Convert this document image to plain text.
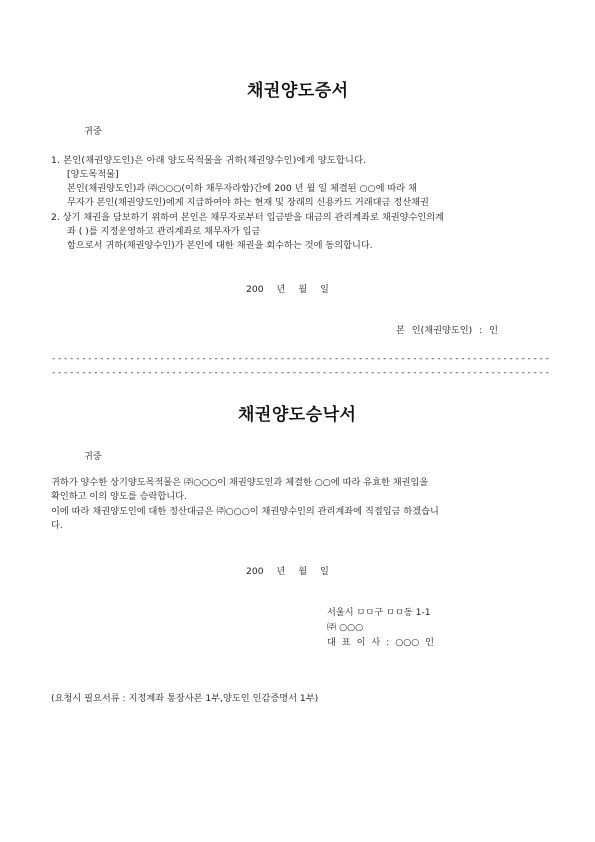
채권양도증서
귀중
1. 본인(채권양도인)은 아래 양도목적물을 귀하(채권양수인)에게 양도합니다.
[양도목적물]
본인(채권양도인)과 ㈜○○○(이하 채무자라함)간에 200 년 월 일 체결된 ○○에 따라 채
무자가 본인(채권양도인)에게 지급하여야 하는 현재 및 장래의 신용카드 거래대금 정산채권
2. 상기 채권을 담보하기 위하여 본인은 채무자로부터 입금받을 대금의 관리계좌로 채권양수인의계
좌 ( )를 지정운영하고 관리계좌로 채무자가 입금
함으로서 귀하(채권양수인)가 본인에 대한 채권을 회수하는 것에 동의합니다.
200 년 월 일
본 인(채권양도인) : 인
-----------------------------------------------------------------------------------
-----------------------------------------------------------------------------------
채권양도승낙서
귀중
귀하가 양수한 상기양도목적물은 ㈜○○○이 채권양도인과 체결한 ○○에 따라 유효한 채권임을
확인하고 이의 양도를 승락합니다.
이에 따라 채권양도인에 대한 정산대금은 ㈜○○○이 채권양수인의 관리계좌에 직접입금 하겠습니
다.
200 년 월 일
서울시 ㅁㅁ구 ㅁㅁ동 1-1
㈜ ○○○
대 표 이 사 : ○○○ 인
(요청시 필요서류 : 지정계좌 통장사본 1부,양도인 인감증명서 1부)
